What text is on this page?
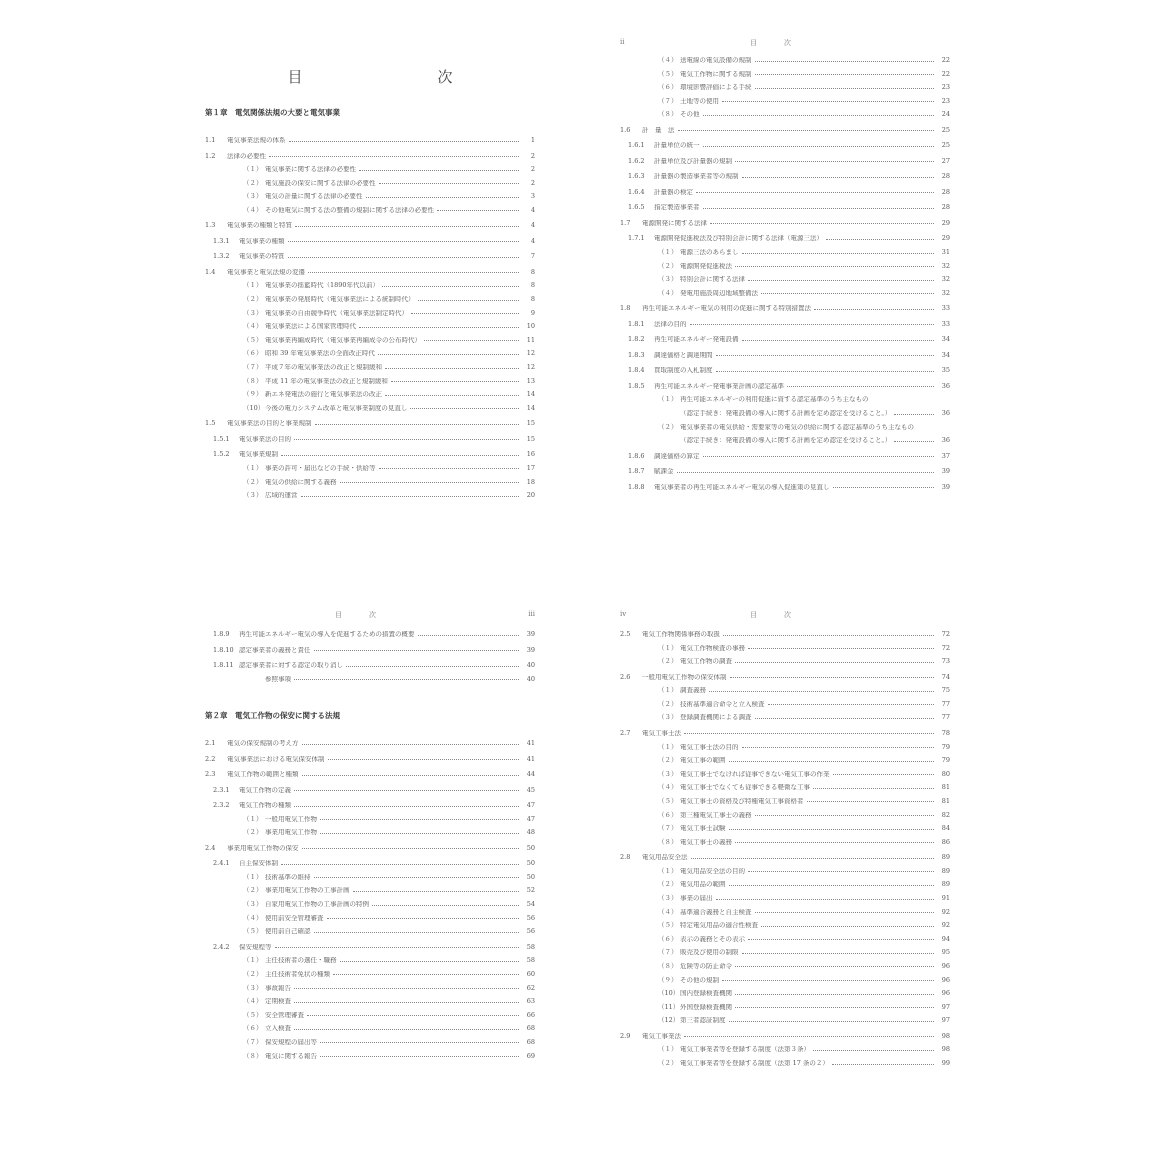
目　次
第１章　電気関係法規の大要と電気事業
1.1	電気事業法規の体系	1
1.2	法律の必要性	2
（１） 電気事業に関する法律の必要性	2
（２） 電気施設の保安に関する法律の必要性	2
（３） 電気の計量に関する法律の必要性	3
（４） その他電気に関する法の整備の規制に関する法律の必要性	4
1.3	電気事業の種類と特質	4
1.3.1	電気事業の種類	4
1.3.2	電気事業の特質	7
1.4	電気事業と電気法規の変遷	8
（１） 電気事業の揺籃時代（1890年代以前）	8
（２） 電気事業の発展時代（電気事業法による統制時代）	8
（３） 電気事業の自由競争時代（電気事業法制定時代）	9
（４） 電気事業法による国家管理時代	10
（５） 電気事業再編成時代（電気事業再編成令の公布時代）	11
（６） 昭和 39 年電気事業法の全面改正時代	12
（７） 平成７年の電気事業法の改正と規制緩和	12
（８） 平成 11 年の電気事業法の改正と規制緩和	13
（９） 新エネ発電法の施行と電気事業法の改正	14
（10） 今後の電力システム改革と電気事業制度の見直し	14
1.5	電気事業法の目的と事業規制	15
1.5.1	電気事業法の目的	15
1.5.2	電気事業規制	16
（１） 事業の許可・届出などの手続・供給等	17
（２） 電気の供給に関する義務	18
（３） 広域的運営	20
ii	目　次
（４） 送電線の電気設備の規制	22
（５） 電気工作物に関する規制	22
（６） 環境影響評価による手続	23
（７） 土地等の使用	23
（８） その他	24
1.6	計　量　法	25
1.6.1	計量単位の統一	25
1.6.2	計量単位及び計量器の規制	27
1.6.3	計量器の製造事業者等の規制	28
1.6.4	計量器の検定	28
1.6.5	指定製造事業者	28
1.7	電源開発に関する法律	29
1.7.1	電源開発促進税法及び特別会計に関する法律（電源三法）	29
（１） 電源三法のあらまし	31
（２） 電源開発促進税法	32
（３） 特別会計に関する法律	32
（４） 発電用施設周辺地域整備法	32
1.8	再生可能エネルギー電気の利用の促進に関する特別措置法	33
1.8.1	法律の目的	33
1.8.2	再生可能エネルギー発電設備	34
1.8.3	調達価格と調達期間	34
1.8.4	買取制度の入札制度	35
1.8.5	再生可能エネルギー発電事業計画の認定基準	36
（１） 再生可能エネルギーの利用促進に資する認定基準のうち主なもの
（認定手続き：発電設備の導入に関する計画を定め認定を受けること。）	36
（２） 電気事業者の電気供給・需要家等の電気の供給に関する認定基準のうち主なもの
（認定手続き：発電設備の導入に関する計画を定め認定を受けること。）	36
1.8.6	調達価格の算定	37
1.8.7	賦課金	39
1.8.8	電気事業者の再生可能エネルギー電気の導入促進策の見直し	39
目　次	iii
1.8.9	再生可能エネルギー電気の導入を促進するための措置の概要	39
1.8.10 認定事業者の義務と責任	39
1.8.11 認定事業者に対する認定の取り消し	40
参照事項	40
第２章　電気工作物の保安に関する法規
2.1	電気の保安規制の考え方	41
2.2	電気事業法における電気保安体制	41
2.3	電気工作物の範囲と種類	44
2.3.1	電気工作物の定義	45
2.3.2	電気工作物の種類	47
（１） 一般用電気工作物	47
（２） 事業用電気工作物	48
2.4	事業用電気工作物の保安	50
2.4.1	自主保安体制	50
（１） 技術基準の維持	50
（２） 事業用電気工作物の工事計画	52
（３） 自家用電気工作物の工事計画の特例	54
（４） 使用前安全管理審査	56
（５） 使用前自己確認	56
2.4.2	保安規程等	58
（１） 主任技術者の選任・職務	58
（２） 主任技術者免状の種類	60
（３） 事故報告	62
（４） 定期検査	63
（５） 安全管理審査	66
（６） 立入検査	68
（７） 保安規程の届出等	68
（８） 電気に関する報告	69
iv	目　次
2.5	電気工作物関係事務の取扱	72
（１） 電気工作物検査の事務	72
（２） 電気工作物の調査	73
2.6	一般用電気工作物の保安体制	74
（１） 調査義務	75
（２） 技術基準適合命令と立入検査	77
（３） 登録調査機関による調査	77
2.7	電気工事士法	78
（１） 電気工事士法の目的	79
（２） 電気工事の範囲	79
（３） 電気工事士でなければ従事できない電気工事の作業	80
（４） 電気工事士でなくても従事できる軽微な工事	81
（５） 電気工事士の資格及び特種電気工事資格者	81
（６） 第三種電気工事士の義務	82
（７） 電気工事士試験	84
（８） 電気工事士の義務	86
2.8	電気用品安全法	89
（１） 電気用品安全法の目的	89
（２） 電気用品の範囲	89
（３） 事業の届出	91
（４） 基準適合義務と自主検査	92
（５） 特定電気用品の適合性検査	92
（６） 表示の義務とその表示	94
（７） 販売及び使用の制限	95
（８） 危険等の防止命令	96
（９） その他の規制	96
（10） 国内登録検査機関	96
（11） 外国登録検査機関	97
（12） 第三者認証制度	97
2.9	電気工事業法	98
（１） 電気工事業者等を登録する制度（法第３条）	98
（２） 電気工事業者等を登録する制度（法第 17 条の２）	99
